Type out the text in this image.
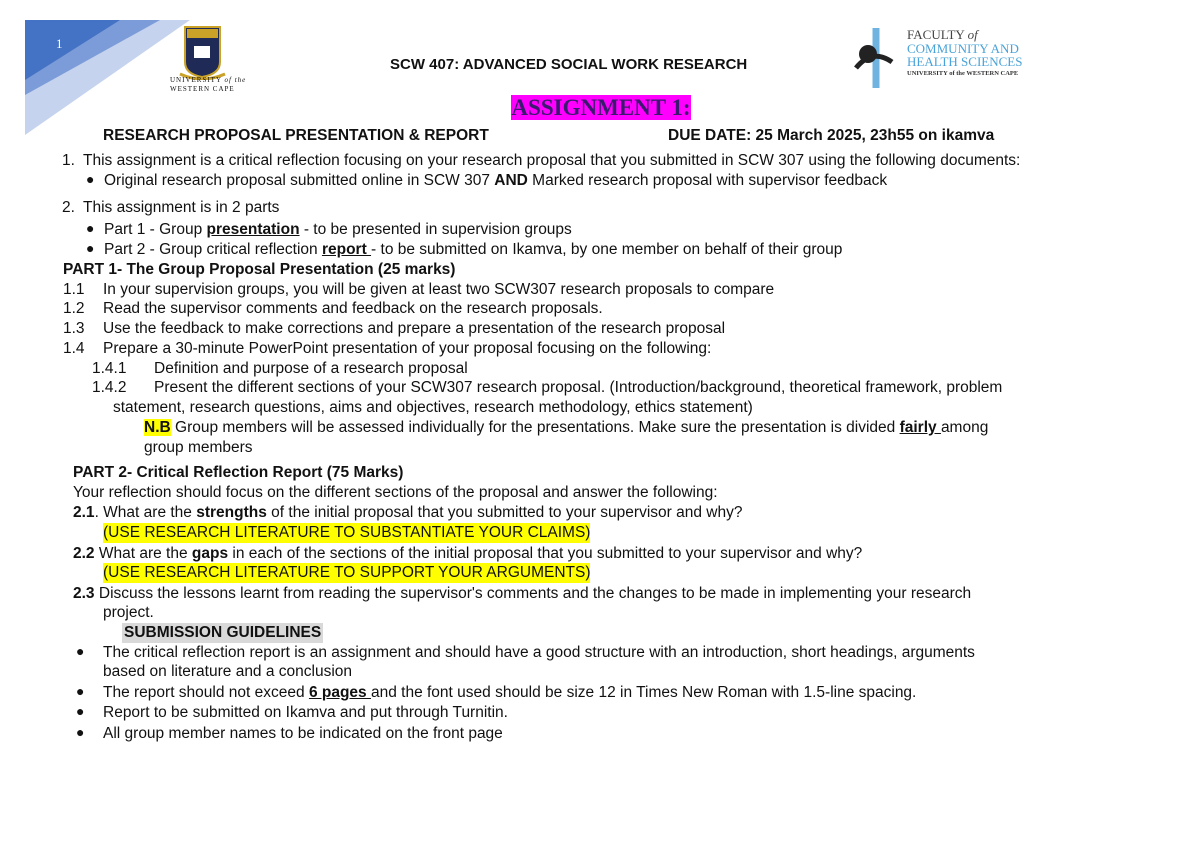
1
UNIVERSITY of the
WESTERN CAPE
SCW 407: ADVANCED SOCIAL WORK RESEARCH
FACULTY of
COMMUNITY AND
HEALTH SCIENCES
UNIVERSITY of the WESTERN CAPE
ASSIGNMENT 1:
RESEARCH PROPOSAL PRESENTATION & REPORT	DUE DATE: 25 March 2025, 23h55 on ikamva
1. This assignment is a critical reflection focusing on your research proposal that you submitted in SCW 307 using the following documents:
● Original research proposal submitted online in SCW 307 AND Marked research proposal with supervisor feedback
2. This assignment is in 2 parts
● Part 1 - Group presentation - to be presented in supervision groups
● Part 2 - Group critical reflection report - to be submitted on Ikamva, by one member on behalf of their group
PART 1- The Group Proposal Presentation (25 marks)
1.1 In your supervision groups, you will be given at least two SCW307 research proposals to compare
1.2 Read the supervisor comments and feedback on the research proposals.
1.3 Use the feedback to make corrections and prepare a presentation of the research proposal
1.4 Prepare a 30-minute PowerPoint presentation of your proposal focusing on the following:
1.4.1 Definition and purpose of a research proposal
1.4.2 Present the different sections of your SCW307 research proposal. (Introduction/background, theoretical framework, problem
statement, research questions, aims and objectives, research methodology, ethics statement)
N.B Group members will be assessed individually for the presentations. Make sure the presentation is divided fairly among
group members
PART 2- Critical Reflection Report (75 Marks)
Your reflection should focus on the different sections of the proposal and answer the following:
2.1. What are the strengths of the initial proposal that you submitted to your supervisor and why?
(USE RESEARCH LITERATURE TO SUBSTANTIATE YOUR CLAIMS)
2.2 What are the gaps in each of the sections of the initial proposal that you submitted to your supervisor and why?
(USE RESEARCH LITERATURE TO SUPPORT YOUR ARGUMENTS)
2.3 Discuss the lessons learnt from reading the supervisor's comments and the changes to be made in implementing your research
project.
SUBMISSION GUIDELINES
● The critical reflection report is an assignment and should have a good structure with an introduction, short headings, arguments
based on literature and a conclusion
● The report should not exceed 6 pages and the font used should be size 12 in Times New Roman with 1.5-line spacing.
● Report to be submitted on Ikamva and put through Turnitin.
● All group member names to be indicated on the front page
